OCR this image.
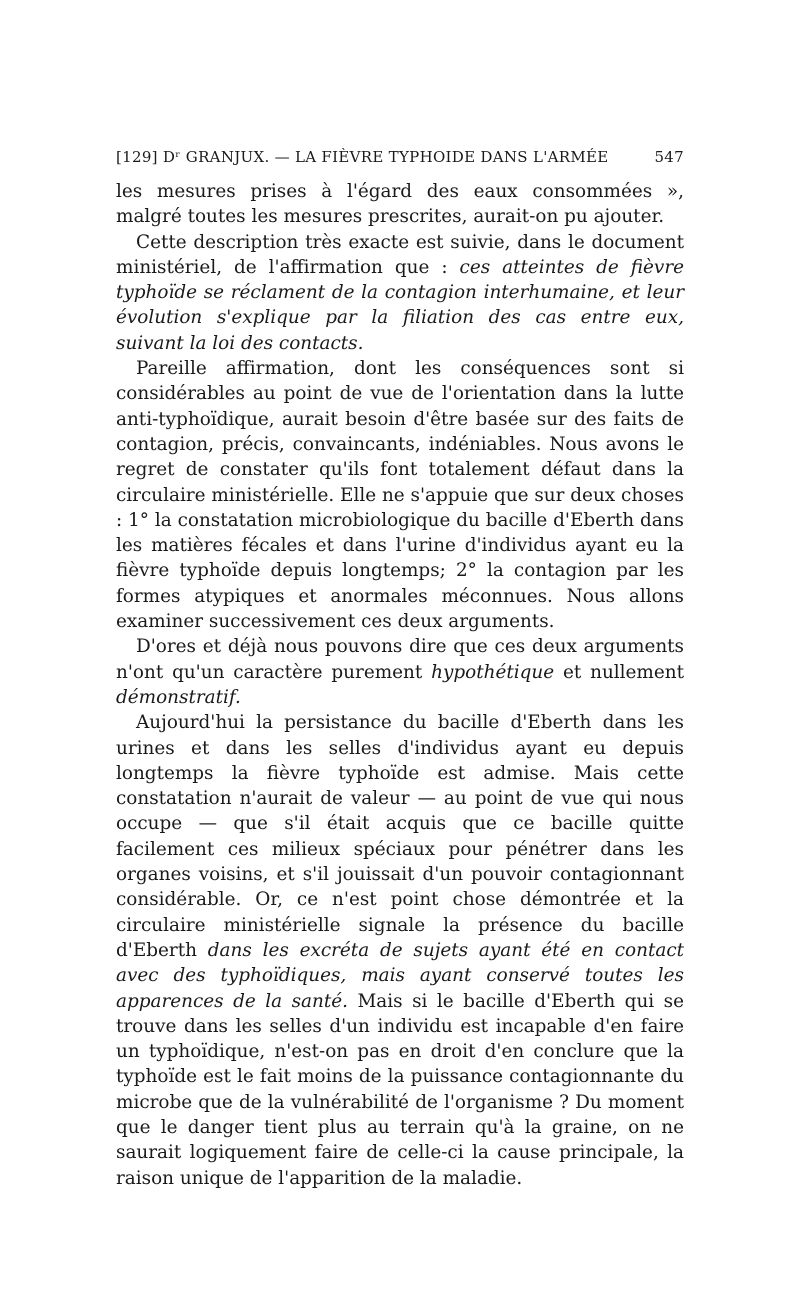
[129] Dʳ GRANJUX. — LA FIÈVRE TYPHOIDE DANS L'ARMÉE	547

les mesures prises à l'égard des eaux consommées », malgré toutes les mesures prescrites, aurait-on pu ajouter.

Cette description très exacte est suivie, dans le document ministériel, de l'affirmation que : ces atteintes de fièvre typhoïde se réclament de la contagion interhumaine, et leur évolution s'explique par la filiation des cas entre eux, suivant la loi des contacts.

Pareille affirmation, dont les conséquences sont si considérables au point de vue de l'orientation dans la lutte anti-typhoïdique, aurait besoin d'être basée sur des faits de contagion, précis, convaincants, indéniables. Nous avons le regret de constater qu'ils font totalement défaut dans la circulaire ministérielle. Elle ne s'appuie que sur deux choses : 1° la constatation microbiologique du bacille d'Eberth dans les matières fécales et dans l'urine d'individus ayant eu la fièvre typhoïde depuis longtemps; 2° la contagion par les formes atypiques et anormales méconnues. Nous allons examiner successivement ces deux arguments.

D'ores et déjà nous pouvons dire que ces deux arguments n'ont qu'un caractère purement hypothétique et nullement démonstratif.

Aujourd'hui la persistance du bacille d'Eberth dans les urines et dans les selles d'individus ayant eu depuis longtemps la fièvre typhoïde est admise. Mais cette constatation n'aurait de valeur — au point de vue qui nous occupe — que s'il était acquis que ce bacille quitte facilement ces milieux spéciaux pour pénétrer dans les organes voisins, et s'il jouissait d'un pouvoir contagionnant considérable. Or, ce n'est point chose démontrée et la circulaire ministérielle signale la présence du bacille d'Eberth dans les excréta de sujets ayant été en contact avec des typhoïdiques, mais ayant conservé toutes les apparences de la santé. Mais si le bacille d'Eberth qui se trouve dans les selles d'un individu est incapable d'en faire un typhoïdique, n'est-on pas en droit d'en conclure que la typhoïde est le fait moins de la puissance contagionnante du microbe que de la vulnérabilité de l'organisme ? Du moment que le danger tient plus au terrain qu'à la graine, on ne saurait logiquement faire de celle-ci la cause principale, la raison unique de l'apparition de la maladie.
